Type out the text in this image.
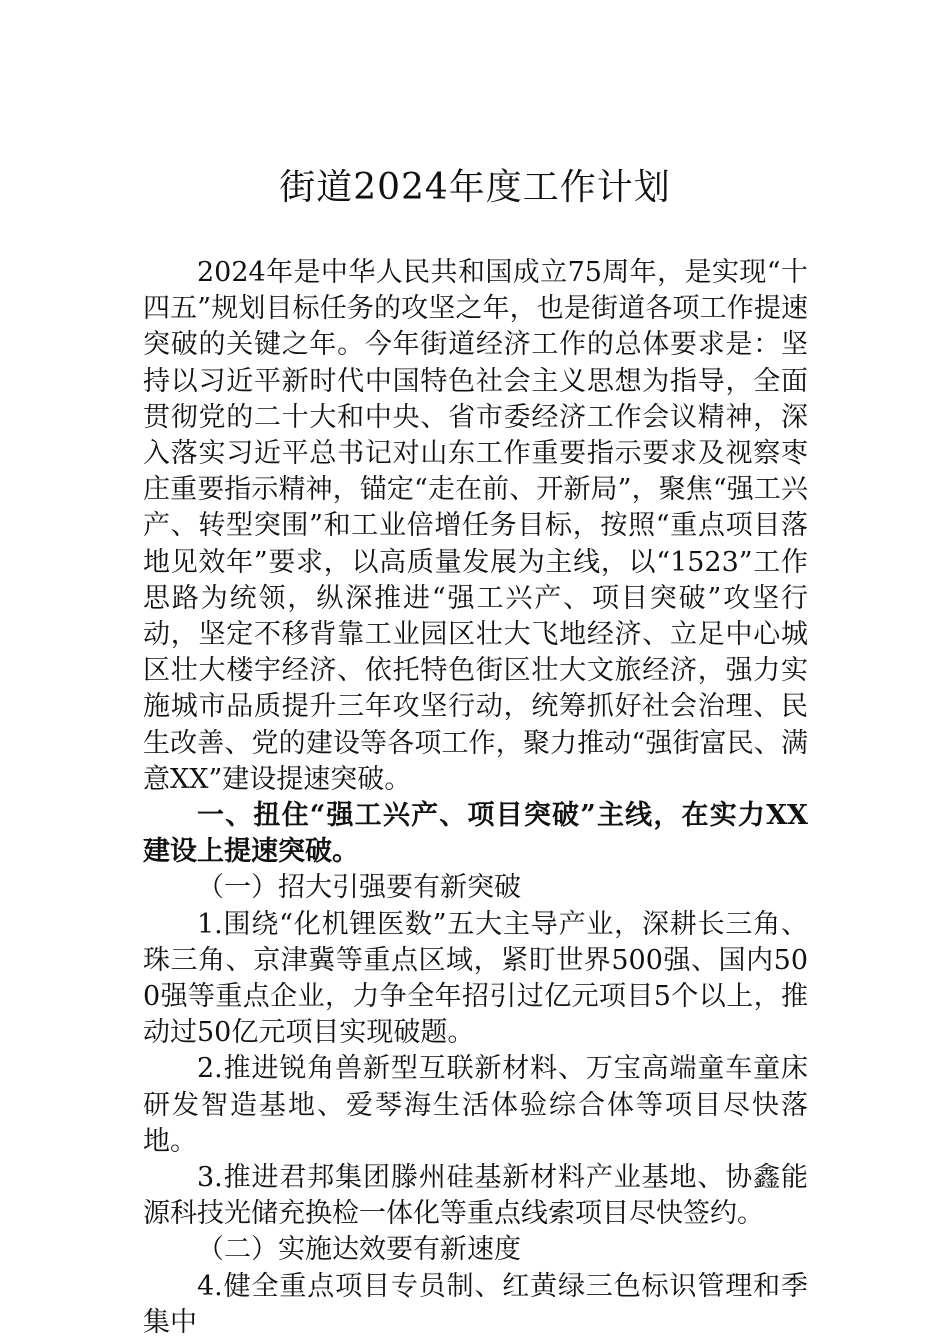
街道2024年度工作计划

2024年是中华人民共和国成立75周年，是实现“十四五”规划目标任务的攻坚之年，也是街道各项工作提速突破的关键之年。今年街道经济工作的总体要求是：坚持以习近平新时代中国特色社会主义思想为指导，全面贯彻党的二十大和中央、省市委经济工作会议精神，深入落实习近平总书记对山东工作重要指示要求及视察枣庄重要指示精神，锚定“走在前、开新局”，聚焦“强工兴产、转型突围”和工业倍增任务目标，按照“重点项目落地见效年”要求，以高质量发展为主线，以“1523”工作思路为统领，纵深推进“强工兴产、项目突破”攻坚行动，坚定不移背靠工业园区壮大飞地经济、立足中心城区壮大楼宇经济、依托特色街区壮大文旅经济，强力实施城市品质提升三年攻坚行动，统筹抓好社会治理、民生改善、党的建设等各项工作，聚力推动“强街富民、满意XX”建设提速突破。

一、扭住“强工兴产、项目突破”主线，在实力XX建设上提速突破。

（一）招大引强要有新突破

1.围绕“化机锂医数”五大主导产业，深耕长三角、珠三角、京津冀等重点区域，紧盯世界500强、国内500强等重点企业，力争全年招引过亿元项目5个以上，推动过50亿元项目实现破题。

2.推进锐角兽新型互联新材料、万宝高端童车童床研发智造基地、爱琴海生活体验综合体等项目尽快落地。

3.推进君邦集团滕州硅基新材料产业基地、协鑫能源科技光储充换检一体化等重点线索项目尽快签约。

（二）实施达效要有新速度

4.健全重点项目专员制、红黄绿三色标识管理和季集中
